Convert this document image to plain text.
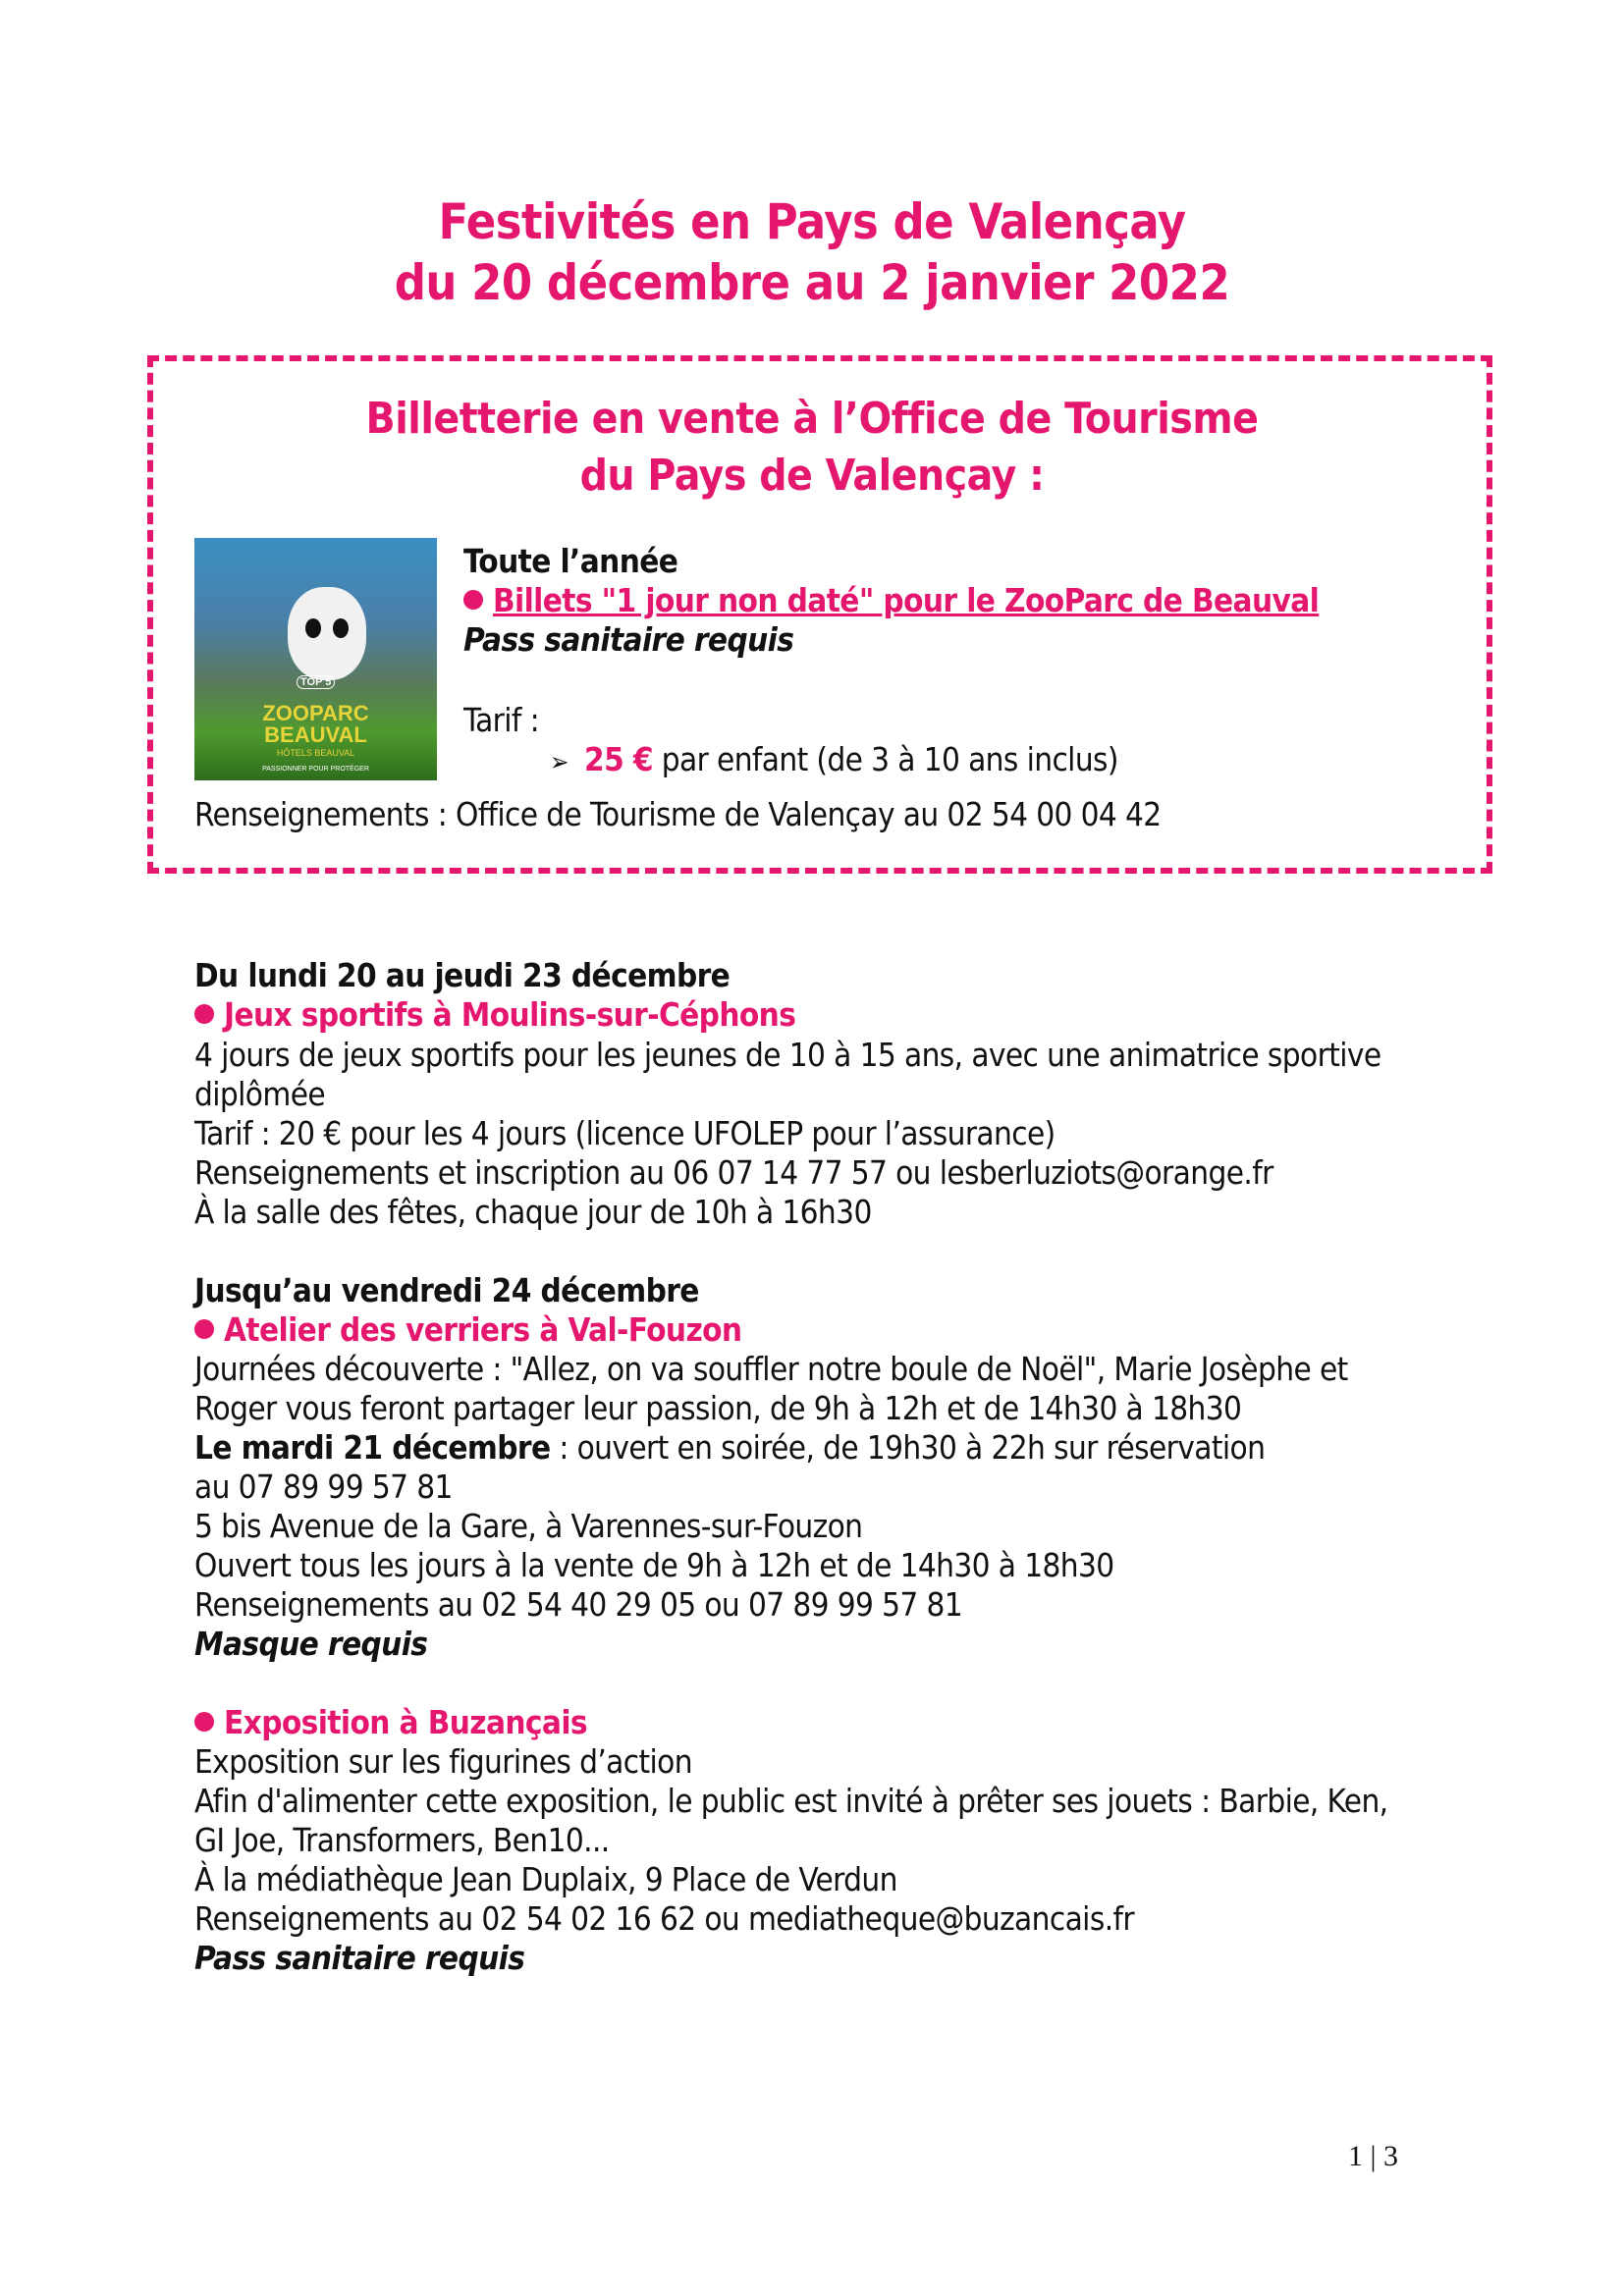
Festivités en Pays de Valençay
du 20 décembre au 2 janvier 2022
Billetterie en vente à l’Office de Tourisme
du Pays de Valençay :
TOP 5
ZOOPARC
BEAUVAL
HÔTELS BEAUVAL
PASSIONNER POUR PROTÉGER
Toute l’année
Billets "1 jour non daté" pour le ZooParc de Beauval
Pass sanitaire requis
Tarif :
➢ 25 € par enfant (de 3 à 10 ans inclus)
Renseignements : Office de Tourisme de Valençay au 02 54 00 04 42
Du lundi 20 au jeudi 23 décembre
Jeux sportifs à Moulins-sur-Céphons
4 jours de jeux sportifs pour les jeunes de 10 à 15 ans, avec une animatrice sportive
diplômée
Tarif : 20 € pour les 4 jours (licence UFOLEP pour l’assurance)
Renseignements et inscription au 06 07 14 77 57 ou lesberluziots@orange.fr
À la salle des fêtes, chaque jour de 10h à 16h30
Jusqu’au vendredi 24 décembre
Atelier des verriers à Val-Fouzon
Journées découverte : "Allez, on va souffler notre boule de Noël", Marie Josèphe et
Roger vous feront partager leur passion, de 9h à 12h et de 14h30 à 18h30
Le mardi 21 décembre : ouvert en soirée, de 19h30 à 22h sur réservation
au 07 89 99 57 81
5 bis Avenue de la Gare, à Varennes-sur-Fouzon
Ouvert tous les jours à la vente de 9h à 12h et de 14h30 à 18h30
Renseignements au 02 54 40 29 05 ou 07 89 99 57 81
Masque requis
Exposition à Buzançais
Exposition sur les figurines d’action
Afin d'alimenter cette exposition, le public est invité à prêter ses jouets : Barbie, Ken,
GI Joe, Transformers, Ben10...
À la médiathèque Jean Duplaix, 9 Place de Verdun
Renseignements au 02 54 02 16 62 ou mediatheque@buzancais.fr
Pass sanitaire requis
1 | 3
